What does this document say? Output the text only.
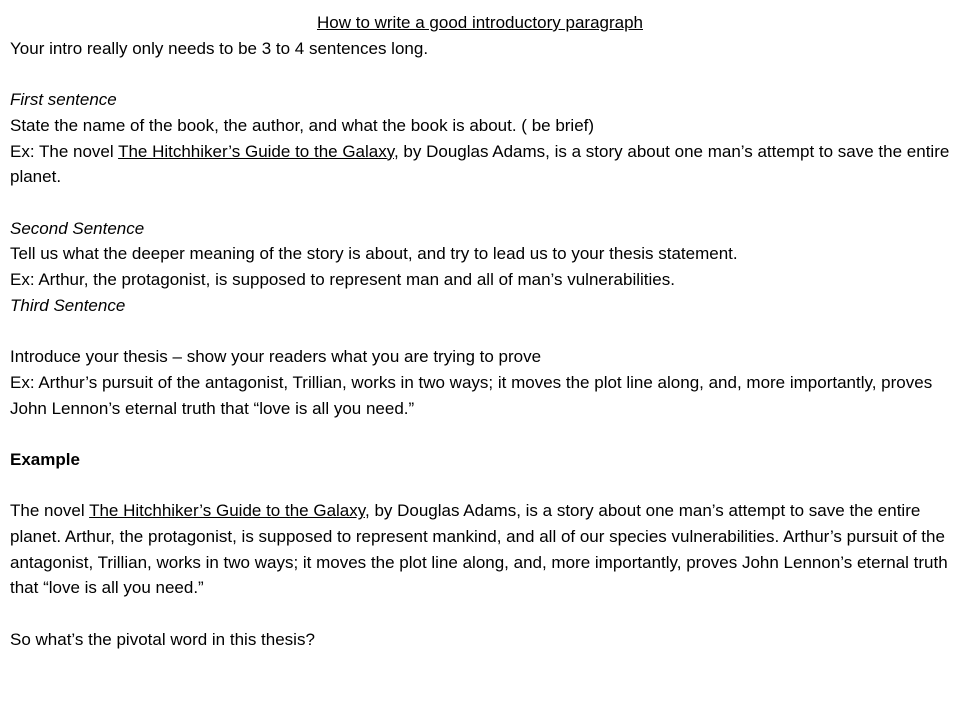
How to write a good introductory paragraph

Your intro really only needs to be 3 to 4 sentences long.

First sentence

State the name of the book, the author, and what the book is about. ( be brief)

Ex: The novel The Hitchhiker’s Guide to the Galaxy, by Douglas Adams, is a story about one man’s attempt to save the entire planet.

Second Sentence

Tell us what the deeper meaning of the story is about, and try to lead us to your thesis statement.

Ex: Arthur, the protagonist, is supposed to represent man and all of man’s vulnerabilities.

Third Sentence

Introduce your thesis – show your readers what you are trying to prove

Ex: Arthur’s pursuit of the antagonist, Trillian, works in two ways; it moves the plot line along, and, more importantly, proves John Lennon’s eternal truth that “love is all you need.”

Example

The novel The Hitchhiker’s Guide to the Galaxy, by Douglas Adams, is a story about one man’s attempt to save the entire planet. Arthur, the protagonist, is supposed to represent mankind, and all of our species vulnerabilities. Arthur’s pursuit of the antagonist, Trillian, works in two ways; it moves the plot line along, and, more importantly, proves John Lennon’s eternal truth that “love is all you need.”

So what’s the pivotal word in this thesis?
